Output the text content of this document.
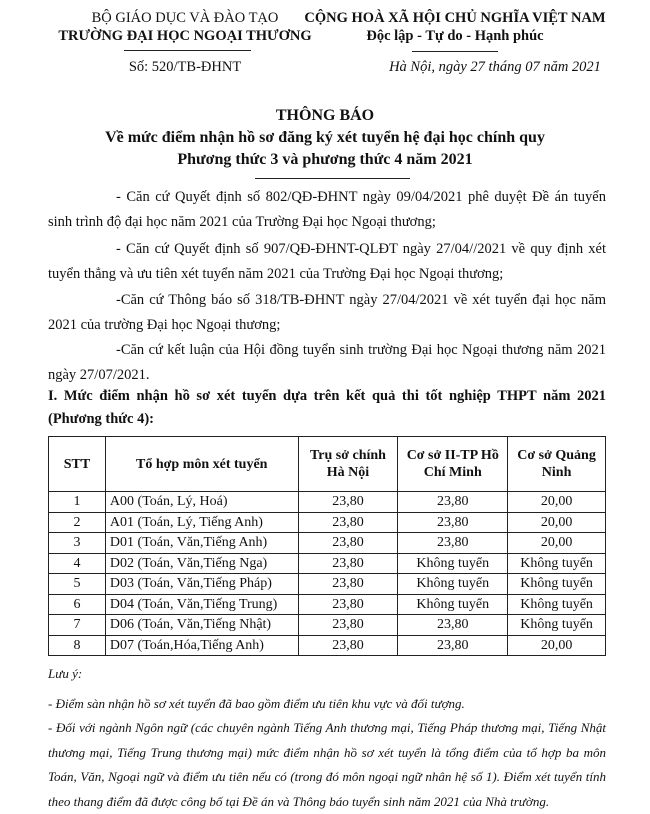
BỘ GIÁO DỤC VÀ ĐÀO TẠO
TRƯỜNG ĐẠI HỌC NGOẠI THƯƠNG
Số: 520/TB-ĐHNT
CỘNG HOÀ XÃ HỘI CHỦ NGHĨA VIỆT NAM
Độc lập - Tự do - Hạnh phúc
Hà Nội, ngày 27 tháng 07 năm 2021
THÔNG BÁO
Về mức điểm nhận hồ sơ đăng ký xét tuyển hệ đại học chính quy
Phương thức 3 và phương thức 4 năm 2021
- Căn cứ Quyết định số 802/QĐ-ĐHNT ngày 09/04/2021 phê duyệt Đề án tuyển sinh trình độ đại học năm 2021 của Trường Đại học Ngoại thương;
- Căn cứ Quyết định số 907/QĐ-ĐHNT-QLĐT ngày 27/04//2021 về quy định xét tuyển thẳng và ưu tiên xét tuyển năm 2021 của Trường Đại học Ngoại thương;
-Căn cứ Thông báo số 318/TB-ĐHNT ngày 27/04/2021 về xét tuyển đại học năm 2021 của trường Đại học Ngoại thương;
-Căn cứ kết luận của Hội đồng tuyển sinh trường Đại học Ngoại thương năm 2021 ngày 27/07/2021.
I. Mức điểm nhận hồ sơ xét tuyển dựa trên kết quả thi tốt nghiệp THPT năm 2021 (Phương thức 4):
STT	Tổ hợp môn xét tuyển	Trụ sở chính Hà Nội	Cơ sở II-TP Hồ Chí Minh	Cơ sở Quảng Ninh
1	A00 (Toán, Lý, Hoá)	23,80	23,80	20,00
2	A01 (Toán, Lý, Tiếng Anh)	23,80	23,80	20,00
3	D01 (Toán, Văn,Tiếng Anh)	23,80	23,80	20,00
4	D02 (Toán, Văn,Tiếng Nga)	23,80	Không tuyển	Không tuyển
5	D03 (Toán, Văn,Tiếng Pháp)	23,80	Không tuyển	Không tuyển
6	D04 (Toán, Văn,Tiếng Trung)	23,80	Không tuyển	Không tuyển
7	D06 (Toán, Văn,Tiếng Nhật)	23,80	23,80	Không tuyển
8	D07 (Toán,Hóa,Tiếng Anh)	23,80	23,80	20,00
Lưu ý:
- Điểm sàn nhận hồ sơ xét tuyển đã bao gồm điểm ưu tiên khu vực và đối tượng.
- Đối với ngành Ngôn ngữ (các chuyên ngành Tiếng Anh thương mại, Tiếng Pháp thương mại, Tiếng Nhật thương mại, Tiếng Trung thương mại) mức điểm nhận hồ sơ xét tuyển là tổng điểm của tổ hợp ba môn Toán, Văn, Ngoại ngữ và điểm ưu tiên nếu có (trong đó môn ngoại ngữ nhân hệ số 1). Điểm xét tuyển tính theo thang điểm đã được công bố tại Đề án và Thông báo tuyển sinh năm 2021 của Nhà trường.
